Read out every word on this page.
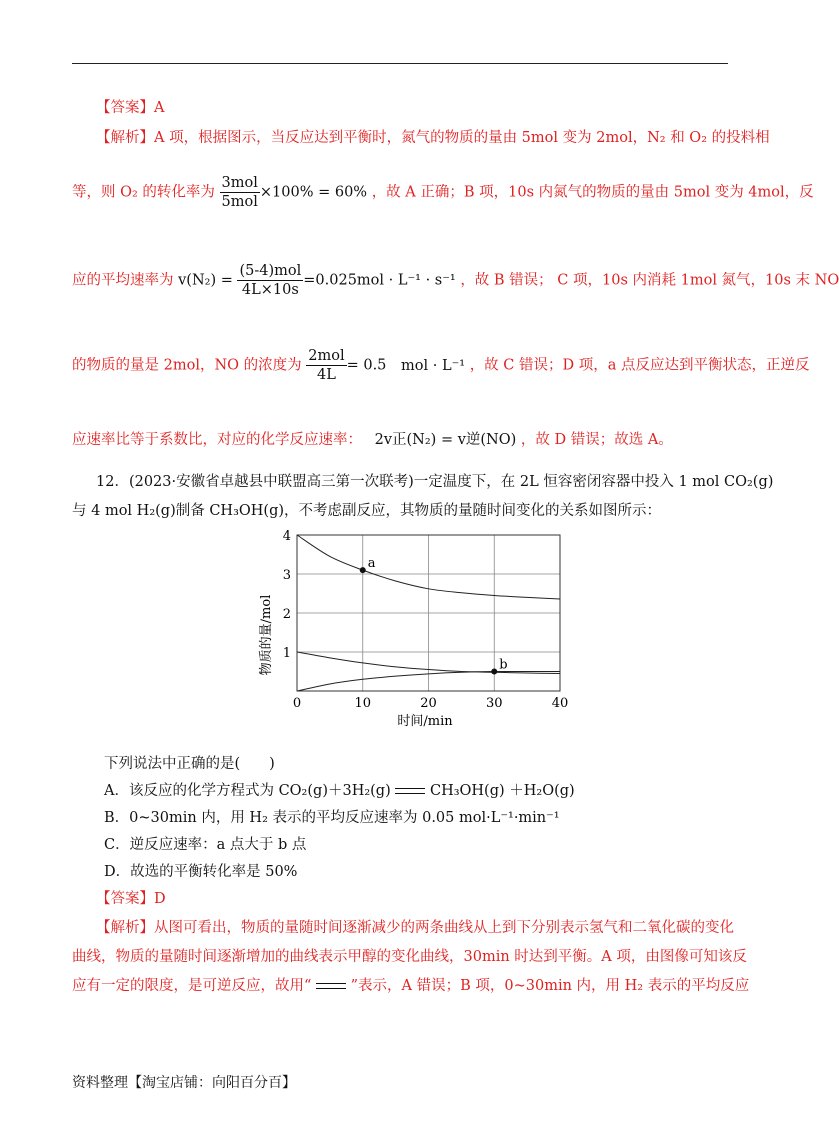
【答案】A
【解析】A 项，根据图示，当反应达到平衡时，氮气的物质的量由 5mol 变为 2mol，N₂ 和 O₂ 的投料相
等，则 O₂ 的转化率为 $\frac{\text{3mol}}{\text{5mol}} \times 100\% = 60\%$ ，故 A 正确；B 项，10s 内氮气的物质的量由 5mol 变为 4mol，反
应的平均速率为 $v(N_2) = \frac{\text{(5-4)mol}}{4L\times 10s} =0.025mol \cdot L^{-1} \cdot s^{-1}$ ，故 B 错误； C 项，10s 内消耗 1mol 氮气，10s 末 NO
的物质的量是 2mol，NO 的浓度为 $\frac{\text{2mol}}{4L} = 0.5$ mol · L⁻¹ ，故 C 错误；D 项，a 点反应达到平衡状态，正逆反
应速率比等于系数比，对应的化学反应速率： 2v正(N₂) = v逆(NO) ，故 D 错误；故选 A。
12．(2023·安徽省卓越县中联盟高三第一次联考)一定温度下，在 2L 恒容密闭容器中投入 1 mol CO₂(g)
与 4 mol H₂(g)制备 CH₃OH(g)，不考虑副反应，其物质的量随时间变化的关系如图所示：
a
b
0	10	20	30	40
1
2
3
4
时间/min
物质的量/mol
下列说法中正确的是(　　)
A．该反应的化学方程式为 CO₂(g)＋3H₂(g)	CH₃OH(g) ＋H₂O(g)
B．0~30min 内，用 H₂ 表示的平均反应速率为 0.05 mol·L⁻¹·min⁻¹
C．逆反应速率：a 点大于 b 点
D．故选的平衡转化率是 50%
【答案】D
【解析】从图可看出，物质的量随时间逐渐减少的两条曲线从上到下分别表示氢气和二氧化碳的变化
曲线，物质的量随时间逐渐增加的曲线表示甲醇的变化曲线，30min 时达到平衡。A 项，由图像可知该反
应有一定的限度，是可逆反应，故用“	”表示，A 错误；B 项，0~30min 内，用 H₂ 表示的平均反应
资料整理【淘宝店铺：向阳百分百】
